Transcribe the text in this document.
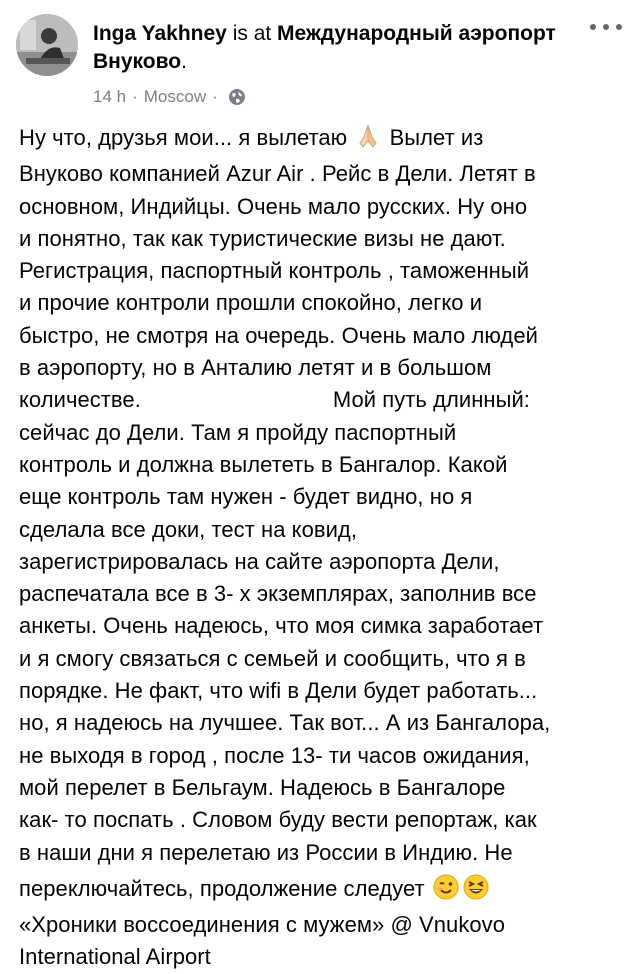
Inga Yakhney is at Международный аэропорт Внуково.
14 h · Moscow ·
Ну что, друзья мои... я вылетаю  Вылет из
Внуково компанией Azur Air . Рейс в Дели. Летят в
основном, Индийцы. Очень мало русских. Ну оно
и понятно, так как туристические визы не дают.
Регистрация, паспортный контроль , таможенный
и прочие контроли прошли спокойно, легко и
быстро, не смотря на очередь. Очень мало людей
в аэропорту, но в Анталию летят и в большом
количестве.	Мой путь длинный:
сейчас до Дели. Там я пройду паспортный
контроль и должна вылететь в Бангалор. Какой
еще контроль там нужен - будет видно, но я
сделала все доки, тест на ковид,
зарегистрировалась на сайте аэропорта Дели,
распечатала все в 3- х экземплярах, заполнив все
анкеты. Очень надеюсь, что моя симка заработает
и я смогу связаться с семьей и сообщить, что я в
порядке. Не факт, что wifi в Дели будет работать...
но, я надеюсь на лучшее. Так вот... А из Бангалора,
не выходя в город , после 13- ти часов ожидания,
мой перелет в Бельгаум. Надеюсь в Бангалоре
как- то поспать . Словом буду вести репортаж, как
в наши дни я перелетаю из России в Индию. Не
переключайтесь, продолжение следует
«Хроники воссоединения с мужем» @ Vnukovo
International Airport
